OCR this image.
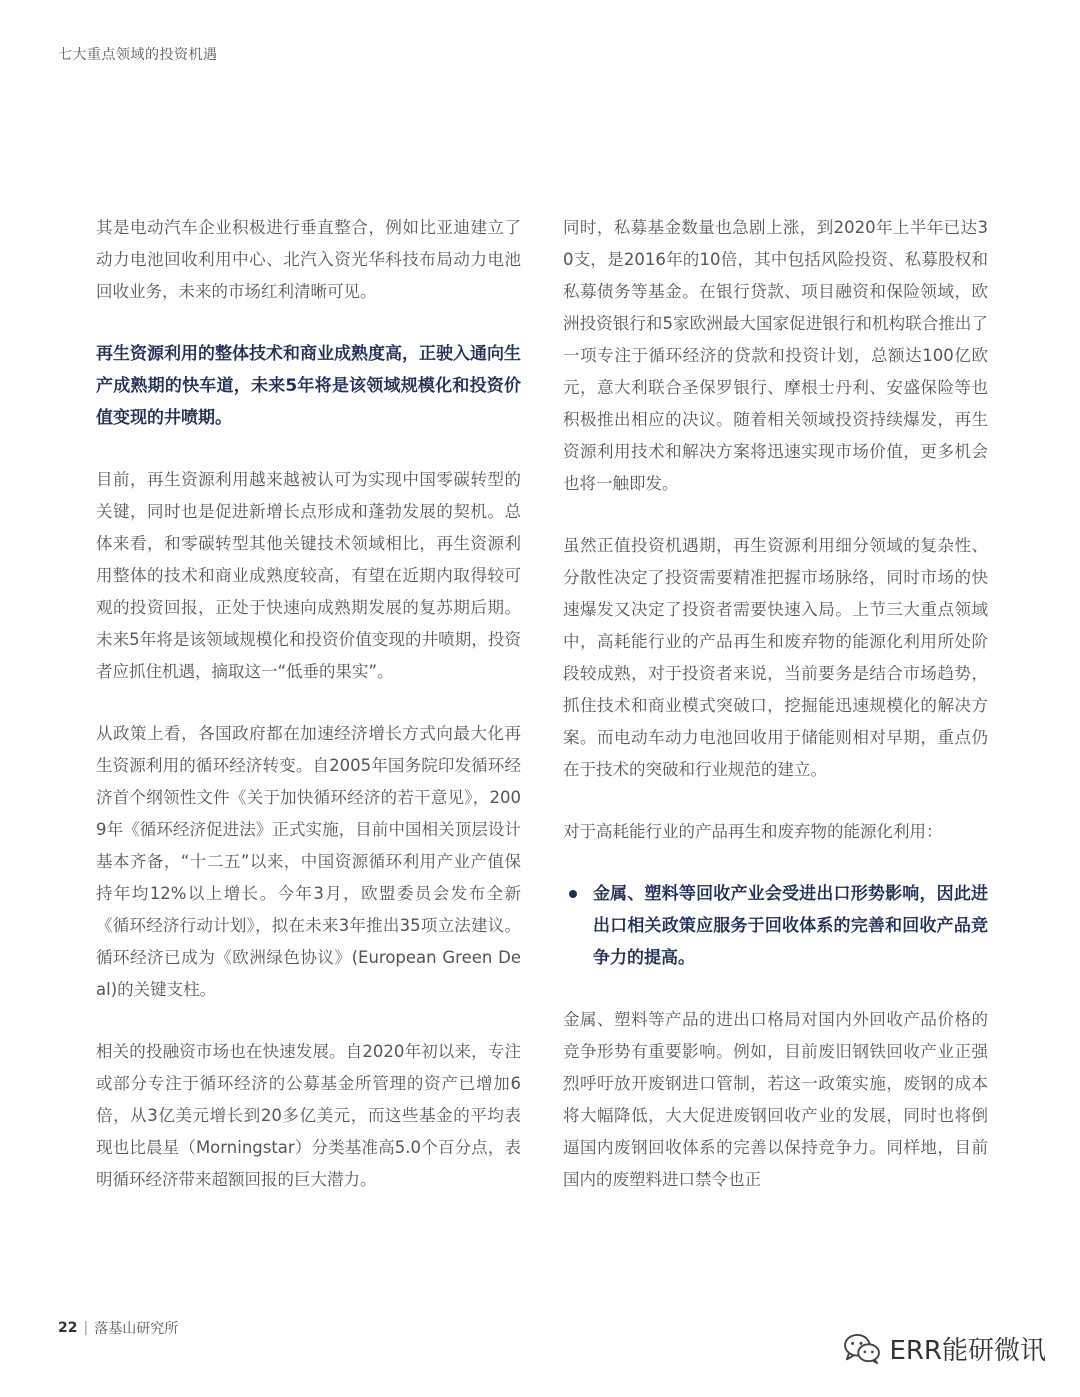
七大重点领域的投资机遇

其是电动汽车企业积极进行垂直整合，例如比亚迪建立了动力电池回收利用中心、北汽入资光华科技布局动力电池回收业务，未来的市场红利清晰可见。

再生资源利用的整体技术和商业成熟度高，正驶入通向生产成熟期的快车道，未来5年将是该领域规模化和投资价值变现的井喷期。

目前，再生资源利用越来越被认可为实现中国零碳转型的关键，同时也是促进新增长点形成和蓬勃发展的契机。总体来看，和零碳转型其他关键技术领域相比，再生资源利用整体的技术和商业成熟度较高，有望在近期内取得较可观的投资回报，正处于快速向成熟期发展的复苏期后期。未来5年将是该领域规模化和投资价值变现的井喷期，投资者应抓住机遇，摘取这一“低垂的果实”。

从政策上看，各国政府都在加速经济增长方式向最大化再生资源利用的循环经济转变。自2005年国务院印发循环经济首个纲领性文件《关于加快循环经济的若干意见》，2009年《循环经济促进法》正式实施，目前中国相关顶层设计基本齐备，“十二五”以来，中国资源循环利用产业产值保持年均12%以上增长。今年3月，欧盟委员会发布全新《循环经济行动计划》，拟在未来3年推出35项立法建议。循环经济已成为《欧洲绿色协议》(European Green Deal)的关键支柱。

相关的投融资市场也在快速发展。自2020年初以来，专注或部分专注于循环经济的公募基金所管理的资产已增加6倍，从3亿美元增长到20多亿美元，而这些基金的平均表现也比晨星（Morningstar）分类基准高5.0个百分点，表明循环经济带来超额回报的巨大潜力。

同时，私募基金数量也急剧上涨，到2020年上半年已达30支，是2016年的10倍，其中包括风险投资、私募股权和私募债务等基金。在银行贷款、项目融资和保险领域，欧洲投资银行和5家欧洲最大国家促进银行和机构联合推出了一项专注于循环经济的贷款和投资计划，总额达100亿欧元，意大利联合圣保罗银行、摩根士丹利、安盛保险等也积极推出相应的决议。随着相关领域投资持续爆发，再生资源利用技术和解决方案将迅速实现市场价值，更多机会也将一触即发。

虽然正值投资机遇期，再生资源利用细分领域的复杂性、分散性决定了投资需要精准把握市场脉络，同时市场的快速爆发又决定了投资者需要快速入局。上节三大重点领域中，高耗能行业的产品再生和废弃物的能源化利用所处阶段较成熟，对于投资者来说，当前要务是结合市场趋势，抓住技术和商业模式突破口，挖掘能迅速规模化的解决方案。而电动车动力电池回收用于储能则相对早期，重点仍在于技术的突破和行业规范的建立。

对于高耗能行业的产品再生和废弃物的能源化利用：

金属、塑料等回收产业会受进出口形势影响，因此进出口相关政策应服务于回收体系的完善和回收产品竞争力的提高。

金属、塑料等产品的进出口格局对国内外回收产品价格的竞争形势有重要影响。例如，目前废旧钢铁回收产业正强烈呼吁放开废钢进口管制，若这一政策实施，废钢的成本将大幅降低，大大促进废钢回收产业的发展，同时也将倒逼国内废钢回收体系的完善以保持竞争力。同样地，目前国内的废塑料进口禁令也正

22 | 落基山研究所
ERR能研微讯
